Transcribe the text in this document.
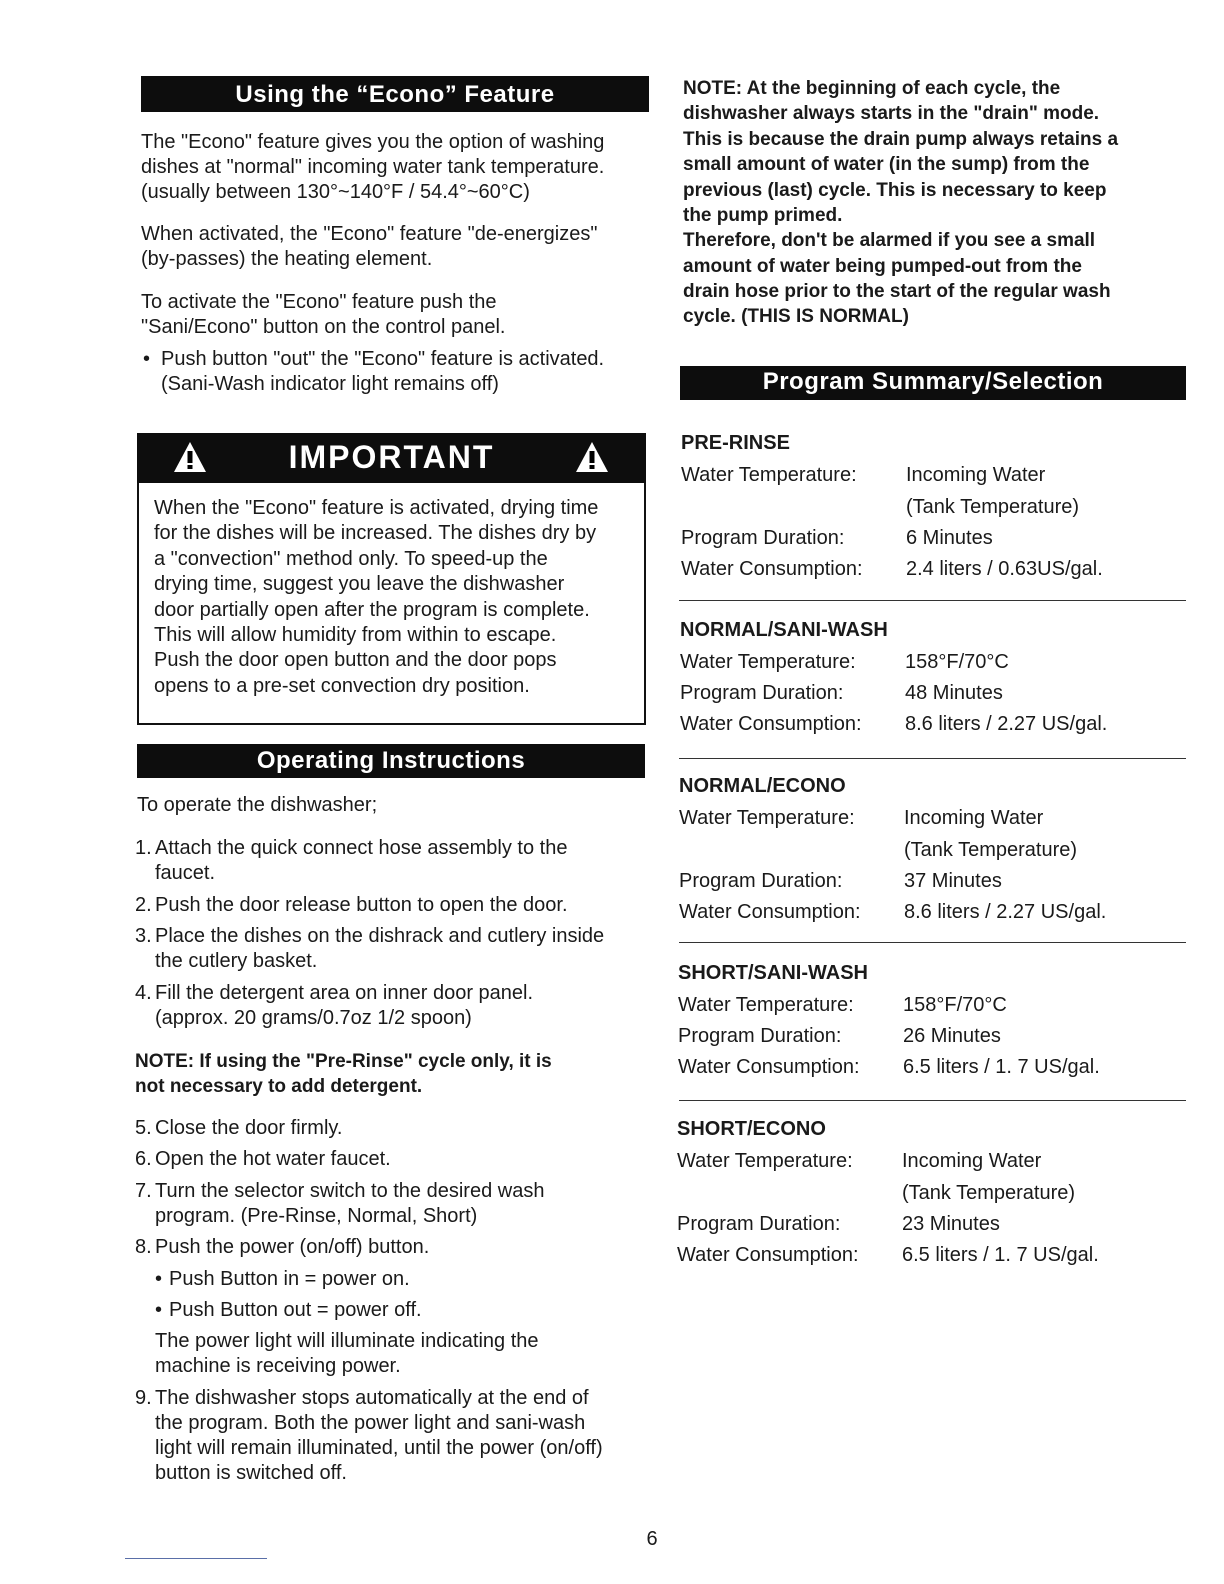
Using the “Econo” Feature
The "Econo" feature gives you the option of washing
dishes at "normal" incoming water tank temperature.
(usually between 130°~140°F / 54.4°~60°C)
When activated, the "Econo" feature "de-energizes"
(by-passes) the heating element.
To activate the "Econo" feature push the
"Sani/Econo" button on the control panel.
• Push button "out" the "Econo" feature is activated.
(Sani-Wash indicator light remains off)
IMPORTANT
When the "Econo" feature is activated, drying time
for the dishes will be increased. The dishes dry by
a "convection" method only. To speed-up the
drying time, suggest you leave the dishwasher
door partially open after the program is complete.
This will allow humidity from within to escape.
Push the door open button and the door pops
opens to a pre-set convection dry position.
Operating Instructions
To operate the dishwasher;
1. Attach the quick connect hose assembly to the
faucet.
2. Push the door release button to open the door.
3. Place the dishes on the dishrack and cutlery inside
the cutlery basket.
4. Fill the detergent area on inner door panel.
(approx. 20 grams/0.7oz 1/2 spoon)
NOTE: If using the "Pre-Rinse" cycle only, it is
not necessary to add detergent.
5. Close the door firmly.
6. Open the hot water faucet.
7. Turn the selector switch to the desired wash
program. (Pre-Rinse, Normal, Short)
8. Push the power (on/off) button.
• Push Button in = power on.
• Push Button out = power off.
The power light will illuminate indicating the
machine is receiving power.
9. The dishwasher stops automatically at the end of
the program. Both the power light and sani-wash
light will remain illuminated, until the power (on/off)
button is switched off.
NOTE: At the beginning of each cycle, the
dishwasher always starts in the "drain" mode.
This is because the drain pump always retains a
small amount of water (in the sump) from the
previous (last) cycle. This is necessary to keep
the pump primed.
Therefore, don't be alarmed if you see a small
amount of water being pumped-out from the
drain hose prior to the start of the regular wash
cycle. (THIS IS NORMAL)
Program Summary/Selection
6
PRE-RINSE
Water Temperature: Incoming Water
(Tank Temperature)
Program Duration:	6 Minutes
Water Consumption: 2.4 liters / 0.63US/gal.
NORMAL/SANI-WASH
Water Temperature: 158°F/70°C
Program Duration:	48 Minutes
Water Consumption: 8.6 liters / 2.27 US/gal.
NORMAL/ECONO
Water Temperature: Incoming Water
(Tank Temperature)
Program Duration:	37 Minutes
Water Consumption: 8.6 liters / 2.27 US/gal.
SHORT/SANI-WASH
Water Temperature: 158°F/70°C
Program Duration:	26 Minutes
Water Consumption: 6.5 liters / 1. 7 US/gal.
SHORT/ECONO
Water Temperature: Incoming Water
(Tank Temperature)
Program Duration:	23 Minutes
Water Consumption: 6.5 liters / 1. 7 US/gal.
